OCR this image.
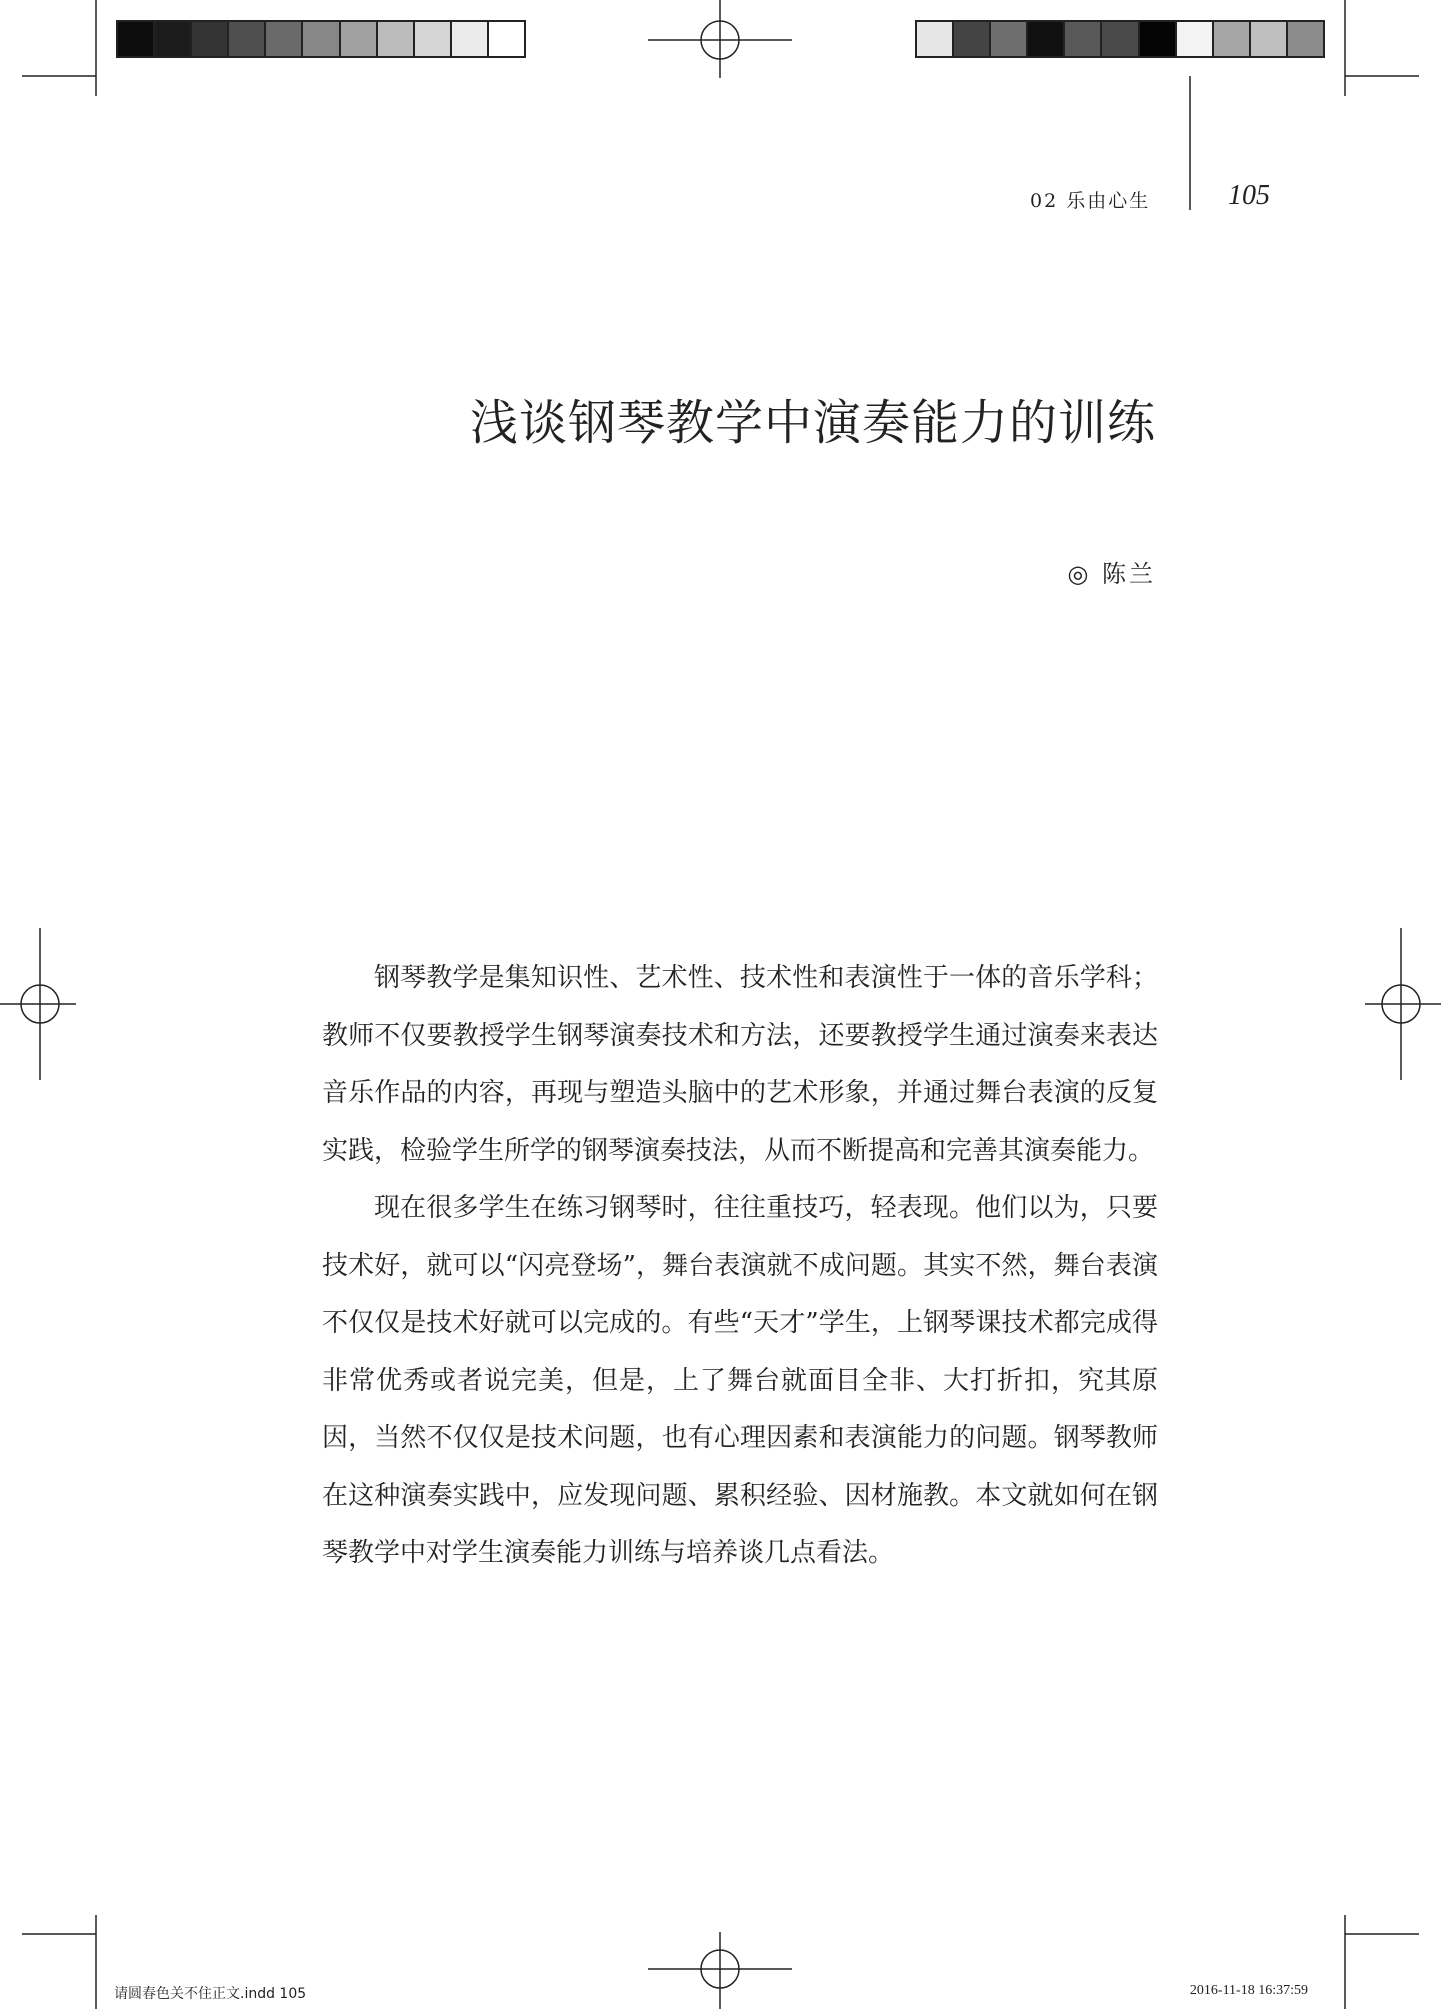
02 乐由心生	105
浅谈钢琴教学中演奏能力的训练
◎ 陈兰

钢琴教学是集知识性、艺术性、技术性和表演性于一体的音乐学科；教师不仅要教授学生钢琴演奏技术和方法，还要教授学生通过演奏来表达音乐作品的内容，再现与塑造头脑中的艺术形象，并通过舞台表演的反复实践，检验学生所学的钢琴演奏技法，从而不断提高和完善其演奏能力。

现在很多学生在练习钢琴时，往往重技巧，轻表现。他们以为，只要技术好，就可以“闪亮登场”，舞台表演就不成问题。其实不然，舞台表演不仅仅是技术好就可以完成的。有些“天才”学生，上钢琴课技术都完成得非常优秀或者说完美，但是，上了舞台就面目全非、大打折扣，究其原因，当然不仅仅是技术问题，也有心理因素和表演能力的问题。钢琴教师在这种演奏实践中，应发现问题、累积经验、因材施教。本文就如何在钢琴教学中对学生演奏能力训练与培养谈几点看法。

请圆春色关不住正文.indd 105	2016-11-18 16:37:59
